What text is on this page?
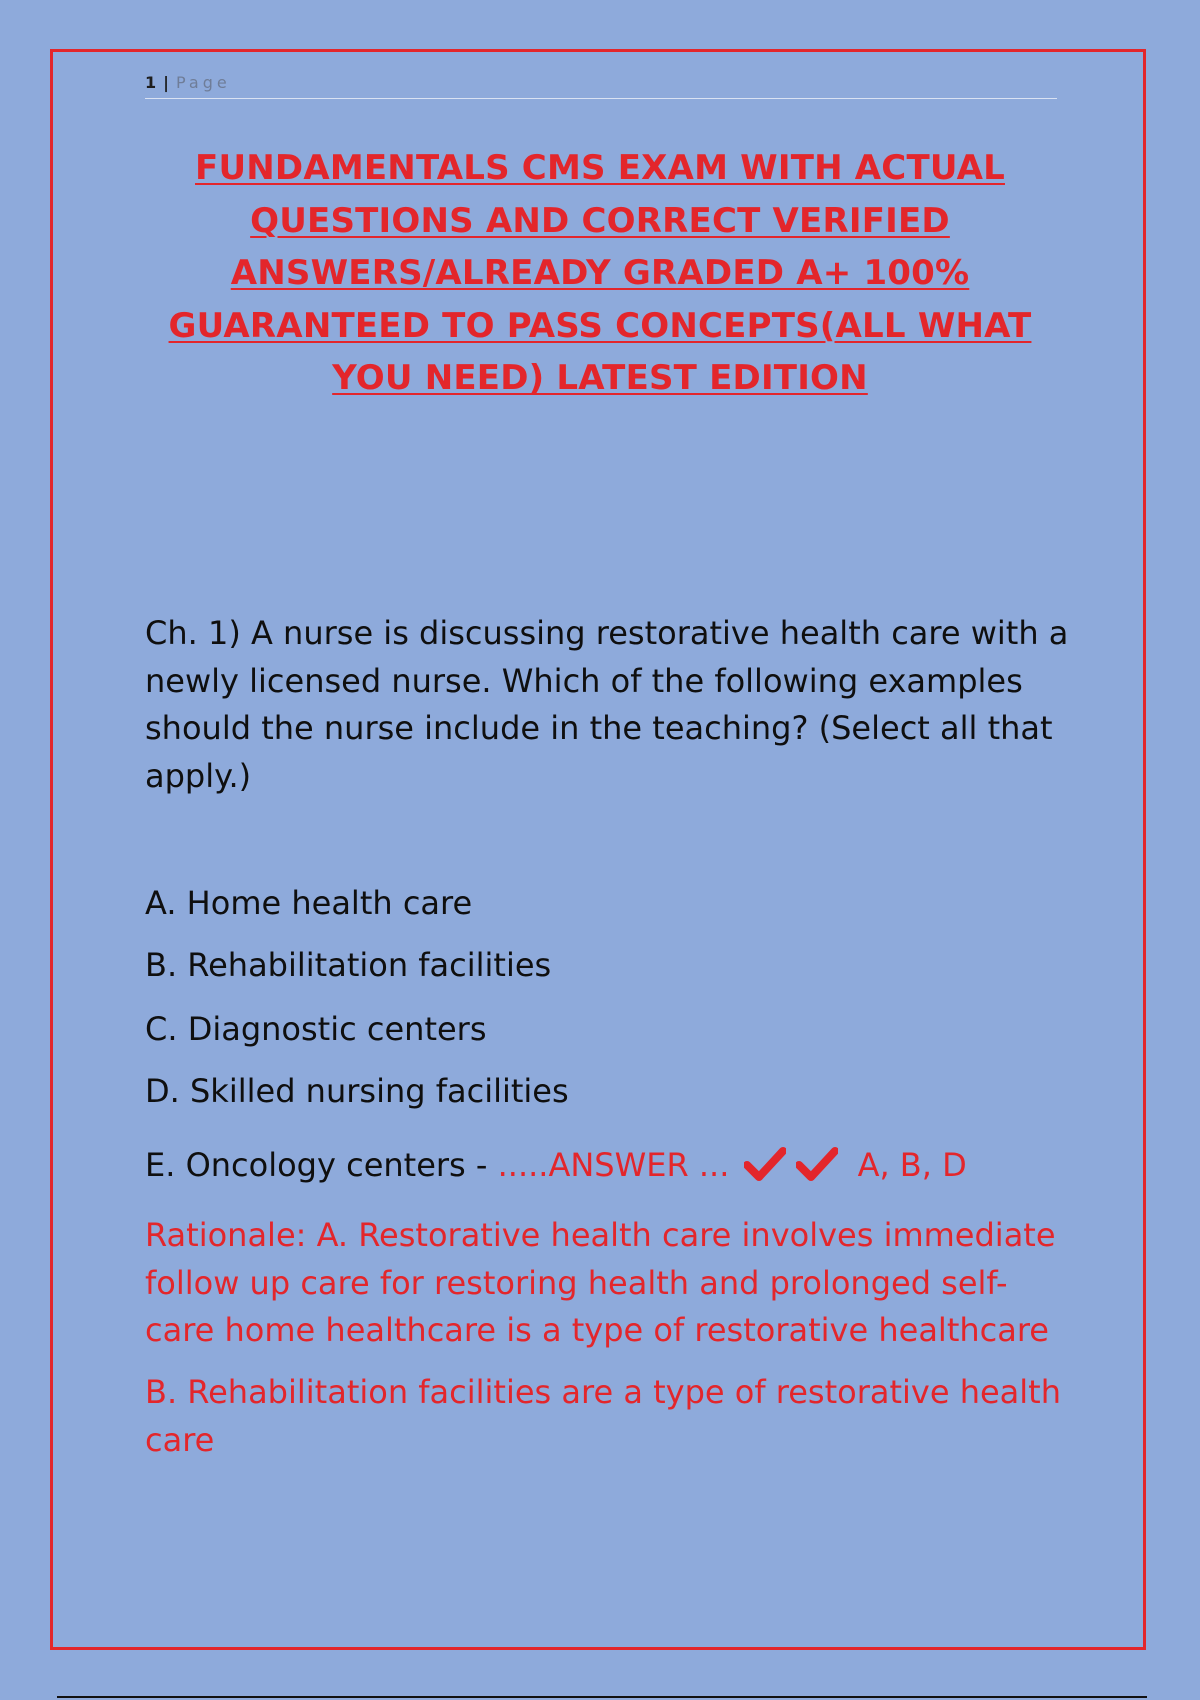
1 | Page
FUNDAMENTALS CMS EXAM WITH ACTUAL QUESTIONS AND CORRECT VERIFIED ANSWERS/ALREADY GRADED A+ 100% GUARANTEED TO PASS CONCEPTS(ALL WHAT YOU NEED) LATEST EDITION

Ch. 1) A nurse is discussing restorative health care with a newly licensed nurse. Which of the following examples should the nurse include in the teaching? (Select all that apply.)

A. Home health care
B. Rehabilitation facilities
C. Diagnostic centers
D. Skilled nursing facilities
E. Oncology centers - .....ANSWER ...	A, B, D

Rationale: A. Restorative health care involves immediate follow up care for restoring health and prolonged self-care home healthcare is a type of restorative healthcare

B. Rehabilitation facilities are a type of restorative health care
